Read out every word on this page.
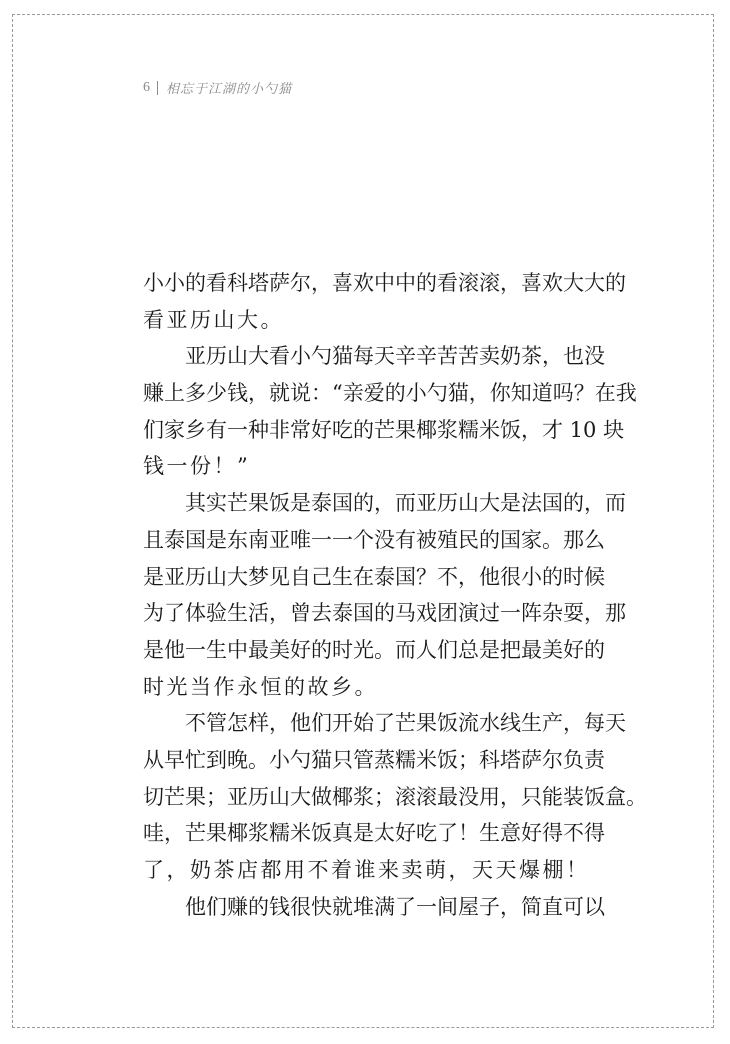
6 相忘于江湖的小勺猫
小小的看科塔萨尔，喜欢中中的看滚滚，喜欢大大的
看亚历山大。
亚历山大看小勺猫每天辛辛苦苦卖奶茶，也没
赚上多少钱，就说：“亲爱的小勺猫，你知道吗？在我
们家乡有一种非常好吃的芒果椰浆糯米饭，才 10 块
钱一份！”
其实芒果饭是泰国的，而亚历山大是法国的，而
且泰国是东南亚唯一一个没有被殖民的国家。那么
是亚历山大梦见自己生在泰国？不，他很小的时候
为了体验生活，曾去泰国的马戏团演过一阵杂耍，那
是他一生中最美好的时光。而人们总是把最美好的
时光当作永恒的故乡。
不管怎样，他们开始了芒果饭流水线生产，每天
从早忙到晚。小勺猫只管蒸糯米饭；科塔萨尔负责
切芒果；亚历山大做椰浆；滚滚最没用，只能装饭盒。
哇，芒果椰浆糯米饭真是太好吃了！生意好得不得
了，奶茶店都用不着谁来卖萌，天天爆棚！
他们赚的钱很快就堆满了一间屋子，简直可以
